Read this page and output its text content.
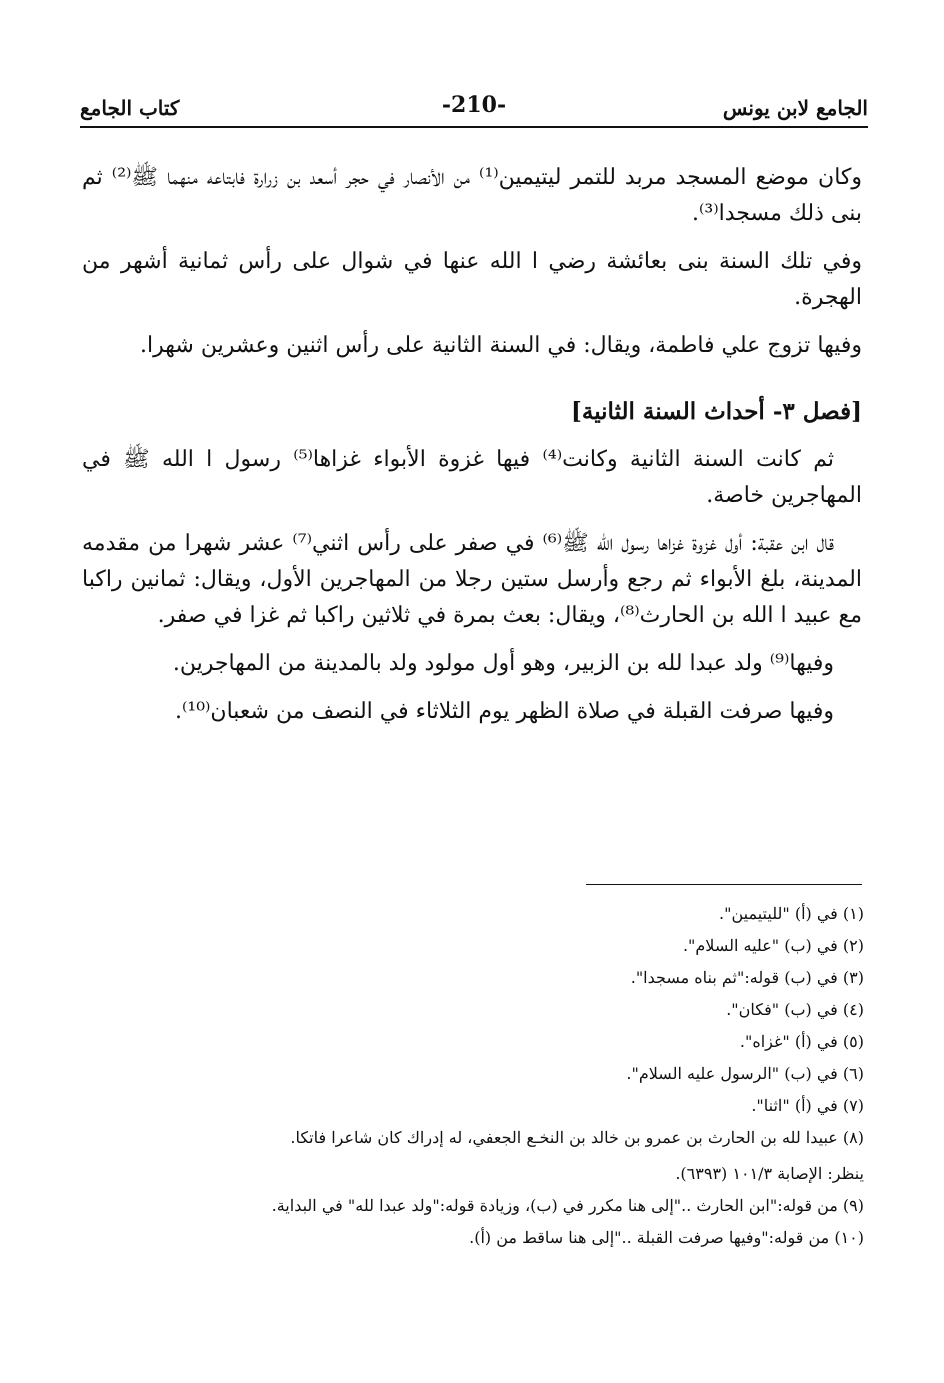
الجامع لابن يونس
-210-
كتاب الجامع

وكان موضع المسجد مربد للتمر ليتيمين⁽¹⁾ من الأنصار في حجر أسعد بن زرارة فابتاعه منهما ﷺ⁽²⁾ ثم بنى ذلك مسجدا⁽³⁾.

وفي تلك السنة بنى بعائشة رضي ا الله عنها في شوال على رأس ثمانية أشهر من الهجرة.

وفيها تزوج علي فاطمة، ويقال: في السنة الثانية على رأس اثنين وعشرين شهرا.

[فصل ٣- أحداث السنة الثانية]

ثم كانت السنة الثانية وكانت⁽⁴⁾ فيها غزوة الأبواء غزاها⁽⁵⁾ رسول ا الله ﷺ في المهاجرين خاصة.

قال ابن عقبة: أول غزوة غزاها رسول الله ﷺ⁽⁶⁾ في صفر على رأس اثني⁽⁷⁾ عشر شهرا من مقدمه المدينة، بلغ الأبواء ثم رجع وأرسل ستين رجلا من المهاجرين الأول، ويقال: ثمانين راكبا مع عبيد ا الله بن الحارث⁽⁸⁾، ويقال: بعث بمرة في ثلاثين راكبا ثم غزا في صفر.

وفيها⁽⁹⁾ ولد عبدا لله بن الزبير، وهو أول مولود ولد بالمدينة من المهاجرين.

وفيها صرفت القبلة في صلاة الظهر يوم الثلاثاء في النصف من شعبان⁽¹⁰⁾.

(١) في (أ) "لليتيمين".

(٢) في (ب) "عليه السلام".

(٣) في (ب) قوله:"ثم بناه مسجدا".

(٤) في (ب) "فكان".

(٥) في (أ) "غزاه".

(٦) في (ب) "الرسول عليه السلام".

(٧) في (أ) "اثنا".

(٨) عبيدا لله بن الحارث بن عمرو بن خالد بن النخـع الجعفي، له إدراك كان شاعرا فاتكا.

ينظر: الإصابة ١٠١/٣ (٦٣٩٣).

(٩) من قوله:"ابن الحارث .."إلى هنا مكرر في (ب)، وزيادة قوله:"ولد عبدا لله" في البداية.

(١٠) من قوله:"وفيها صرفت القبلة .."إلى هنا ساقط من (أ).
